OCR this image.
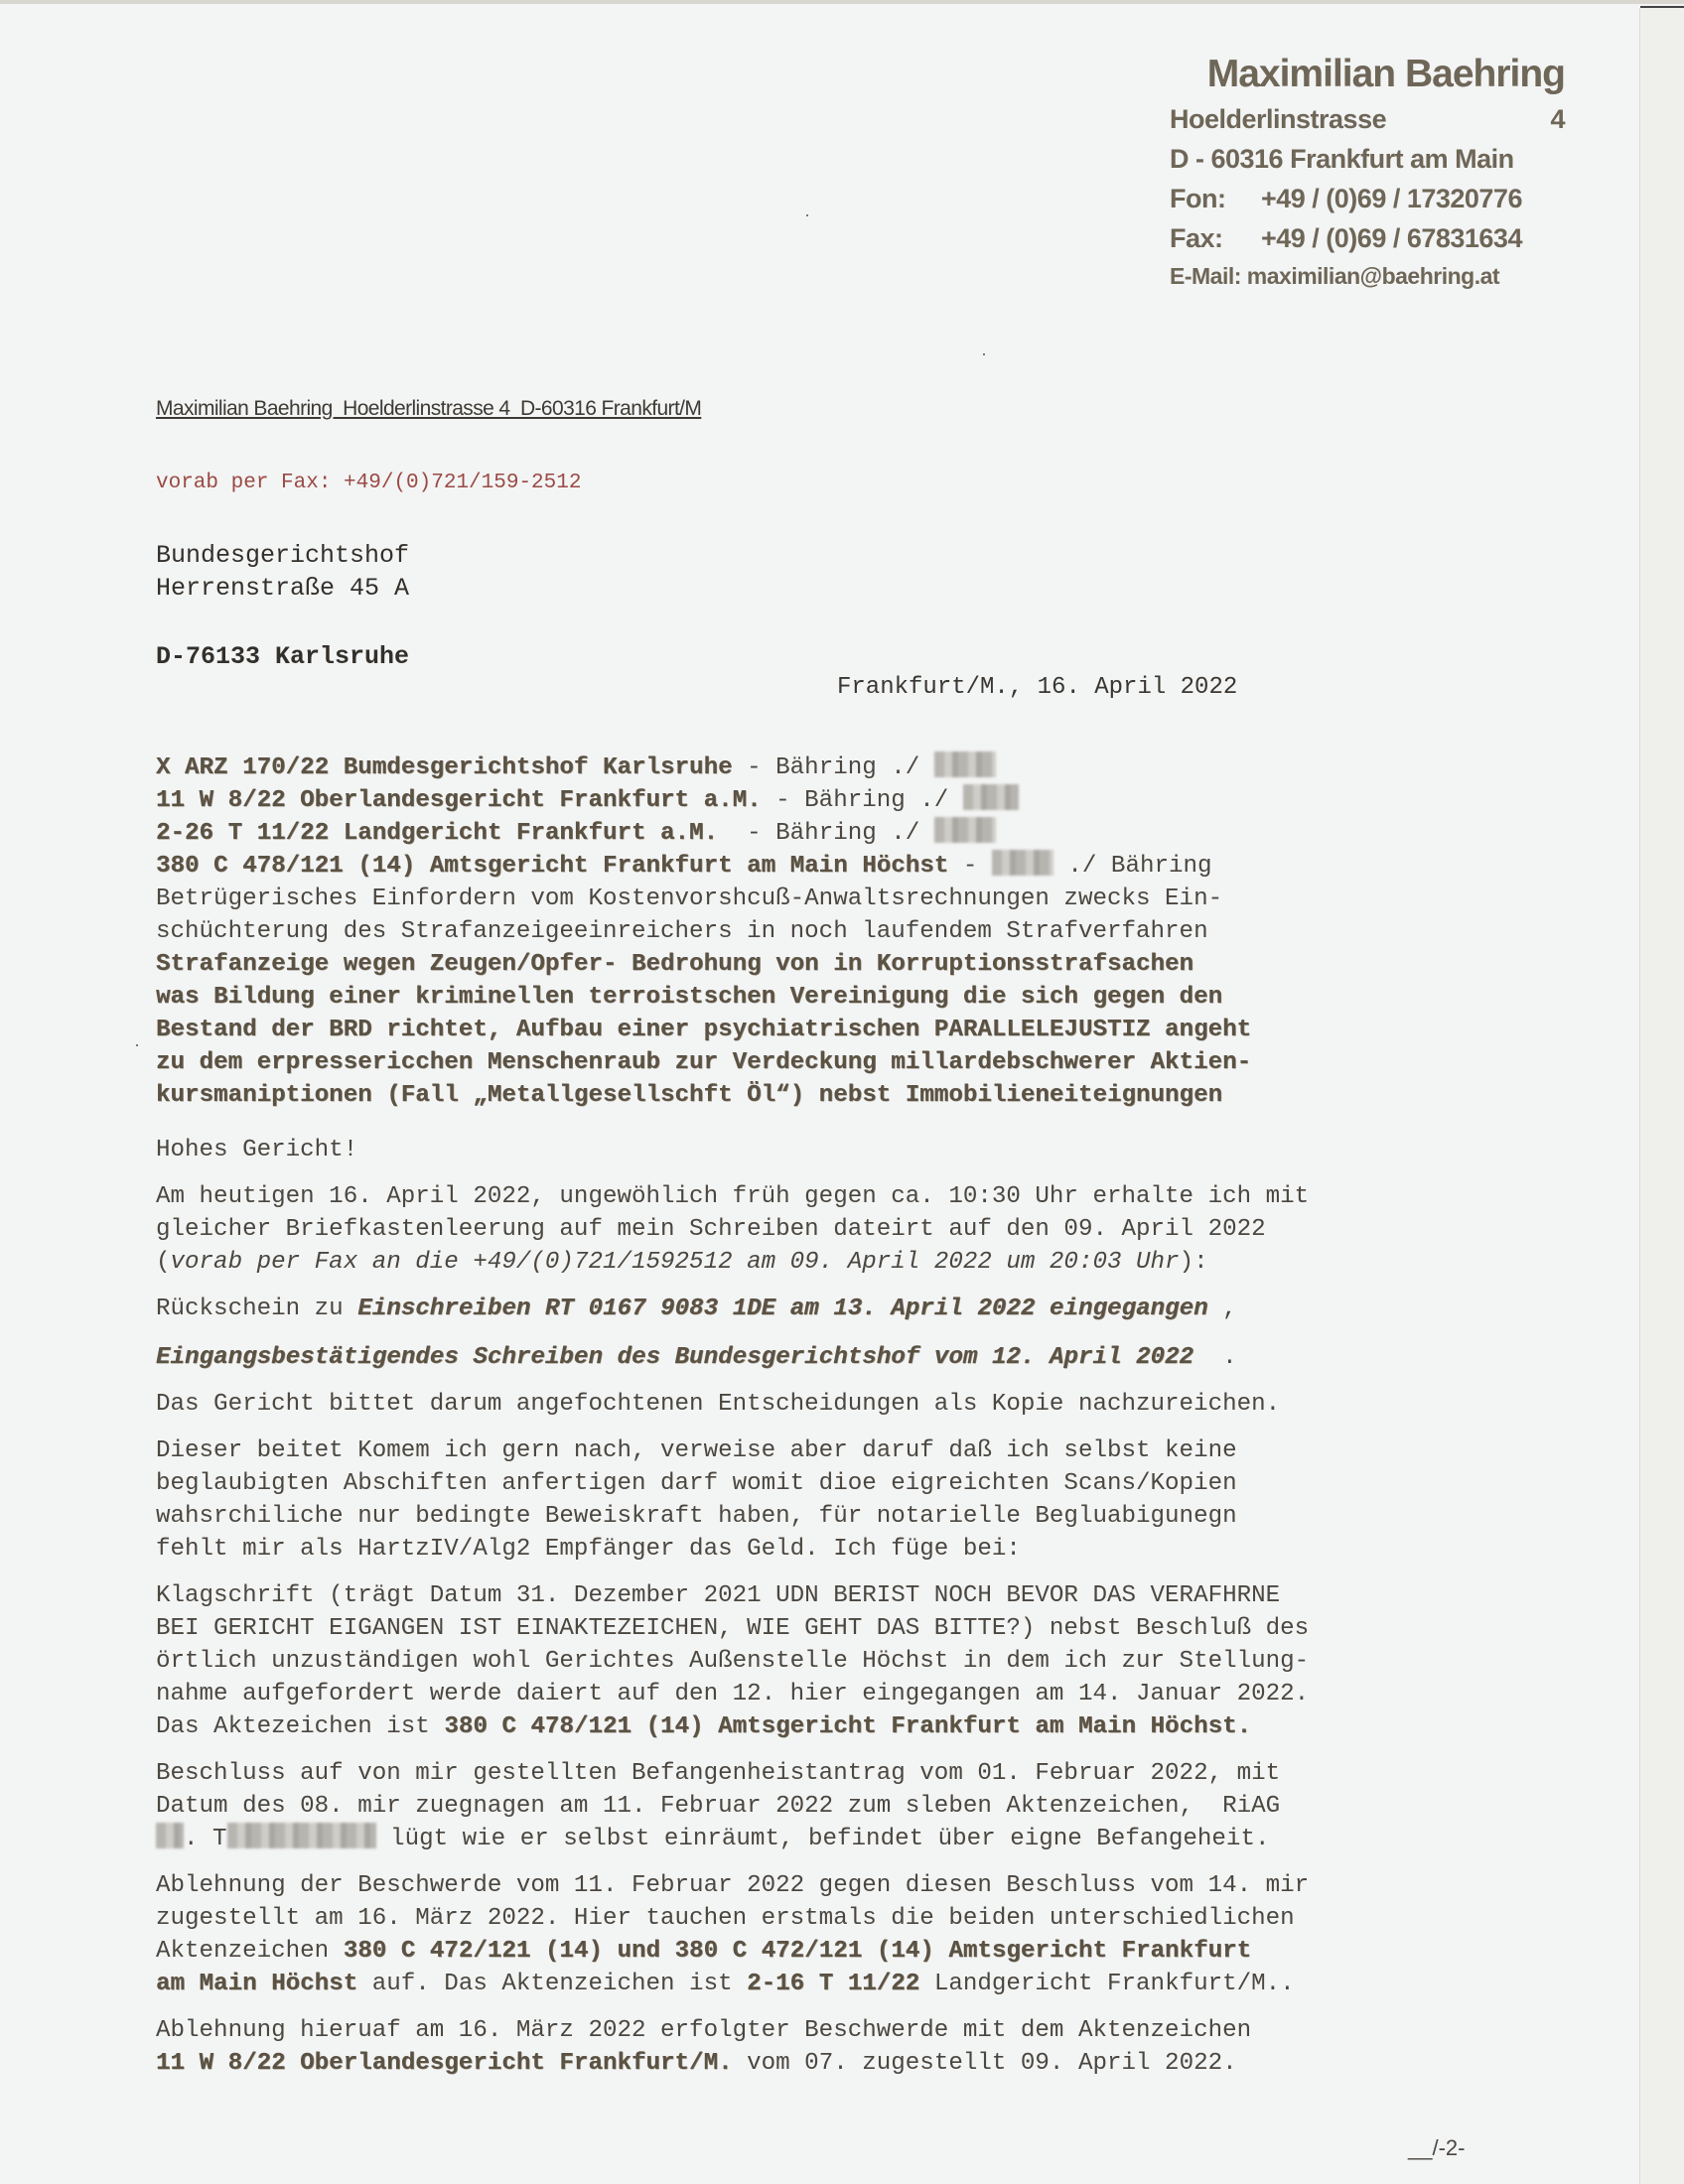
Maximilian Baehring
Hoelderlinstrasse	4
D - 60316 Frankfurt am Main
Fon: +49 / (0)69 / 17320776
Fax: +49 / (0)69 / 67831634
E-Mail: maximilian@baehring.at
Maximilian Baehring  Hoelderlinstrasse 4  D-60316 Frankfurt/M
vorab per Fax: +49/(0)721/159-2512
Bundesgerichtshof
Herrenstraße 45 A
D-76133 Karlsruhe
Frankfurt/M., 16. April 2022

X ARZ 170/22 Bumdesgerichtshof Karlsruhe - Bähring ./

11 W 8/22 Oberlandesgericht Frankfurt a.M. - Bähring ./

2-26 T 11/22 Landgericht Frankfurt a.M.  - Bähring ./

380 C 478/121 (14) Amtsgericht Frankfurt am Main Höchst -	./ Bähring

Betrügerisches Einfordern vom Kostenvorshcuß-Anwaltsrechnungen zwecks Ein-

schüchterung des Strafanzeigeeinreichers in noch laufendem Strafverfahren

Strafanzeige wegen Zeugen/Opfer- Bedrohung von in Korruptionsstrafsachen

was Bildung einer kriminellen terroistschen Vereinigung die sich gegen den

Bestand der BRD richtet, Aufbau einer psychiatrischen PARALLELEJUSTIZ angeht

zu dem erpressericchen Menschenraub zur Verdeckung millardebschwerer Aktien-

kursmaniptionen (Fall „Metallgesellschft Öl“) nebst Immobilieneiteignungen

Hohes Gericht!

Am heutigen 16. April 2022, ungewöhlich früh gegen ca. 10:30 Uhr erhalte ich mit

gleicher Briefkastenleerung auf mein Schreiben dateirt auf den 09. April 2022

(vorab per Fax an die +49/(0)721/1592512 am 09. April 2022 um 20:03 Uhr):

Rückschein zu Einschreiben RT 0167 9083 1DE am 13. April 2022 eingegangen ,

Eingangsbestätigendes Schreiben des Bundesgerichtshof vom 12. April 2022  .

Das Gericht bittet darum angefochtenen Entscheidungen als Kopie nachzureichen.

Dieser beitet Komem ich gern nach, verweise aber daruf daß ich selbst keine

beglaubigten Abschiften anfertigen darf womit dioe eigreichten Scans/Kopien

wahsrchiliche nur bedingte Beweiskraft haben, für notarielle Begluabigunegn

fehlt mir als HartzIV/Alg2 Empfänger das Geld. Ich füge bei:

Klagschrift (trägt Datum 31. Dezember 2021 UDN BERIST NOCH BEVOR DAS VERAFHRNE

BEI GERICHT EIGANGEN IST EINAKTEZEICHEN, WIE GEHT DAS BITTE?) nebst Beschluß des

örtlich unzuständigen wohl Gerichtes Außenstelle Höchst in dem ich zur Stellung-

nahme aufgefordert werde daiert auf den 12. hier eingegangen am 14. Januar 2022.

Das Aktezeichen ist 380 C 478/121 (14) Amtsgericht Frankfurt am Main Höchst.

Beschluss auf von mir gestellten Befangenheistantrag vom 01. Februar 2022, mit

Datum des 08. mir zuegnagen am 11. Februar 2022 zum sleben Aktenzeichen,  RiAG

. T	lügt wie er selbst einräumt, befindet über eigne Befangeheit.

Ablehnung der Beschwerde vom 11. Februar 2022 gegen diesen Beschluss vom 14. mir

zugestellt am 16. März 2022. Hier tauchen erstmals die beiden unterschiedlichen

Aktenzeichen 380 C 472/121 (14) und 380 C 472/121 (14) Amtsgericht Frankfurt

am Main Höchst auf. Das Aktenzeichen ist 2-16 T 11/22 Landgericht Frankfurt/M..

Ablehnung hieruaf am 16. März 2022 erfolgter Beschwerde mit dem Aktenzeichen

11 W 8/22 Oberlandesgericht Frankfurt/M. vom 07. zugestellt 09. April 2022.

__/-2-
